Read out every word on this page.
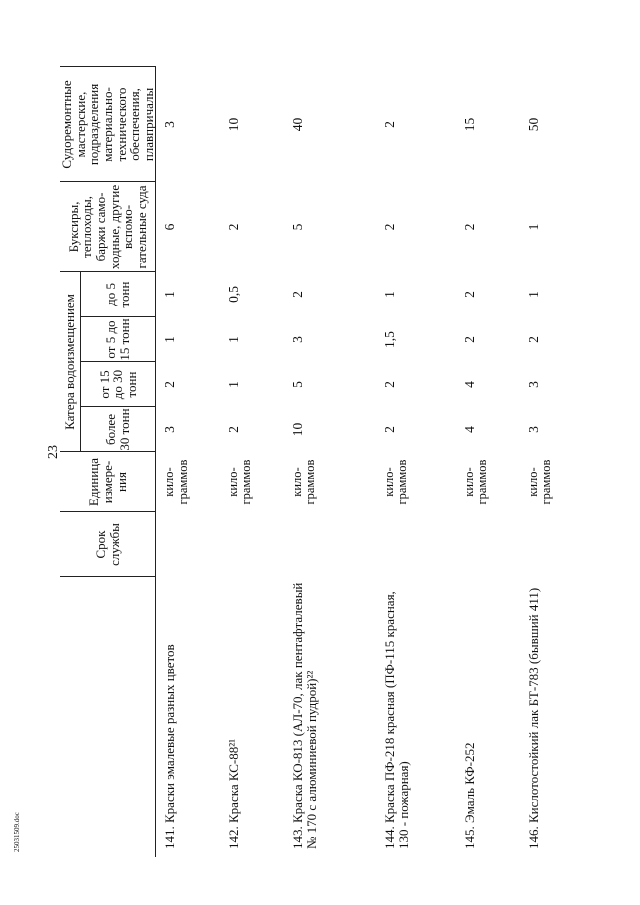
23
	Срок службы	Единица измере-ния	Катера водоизмещением				Буксиры, теплоходы, баржи само-ходные, другие вспомо-гательные суда	Судоремонтные мастерские, подразделения материально-технического обеспечения, плавпричалы
			более 30 тонн	от 15 до 30 тонн	от 5 до 15 тонн	до 5 тонн		
141. Краски эмалевые разных цветов		кило-граммов	3	2	1	1	6	3
142. Краска КС-88²¹		кило-граммов	2	1	1	0,5	2	10
143. Краска КО-813 (АЛ-70, лак пентафталевый № 170 с алюминиевой пудрой)²²		кило-граммов	10	5	3	2	5	40
144. Краска ПФ-218 красная (ПФ-115 красная, 130 - пожарная)		кило-граммов	2	2	1,5	1	2	2
145. Эмаль КФ-252		кило-граммов	4	4	2	2	2	15
146. Кислотостойкий лак БТ-783 (бывший 411)		кило-граммов	3	3	2	1	1	50
25031509.doc
